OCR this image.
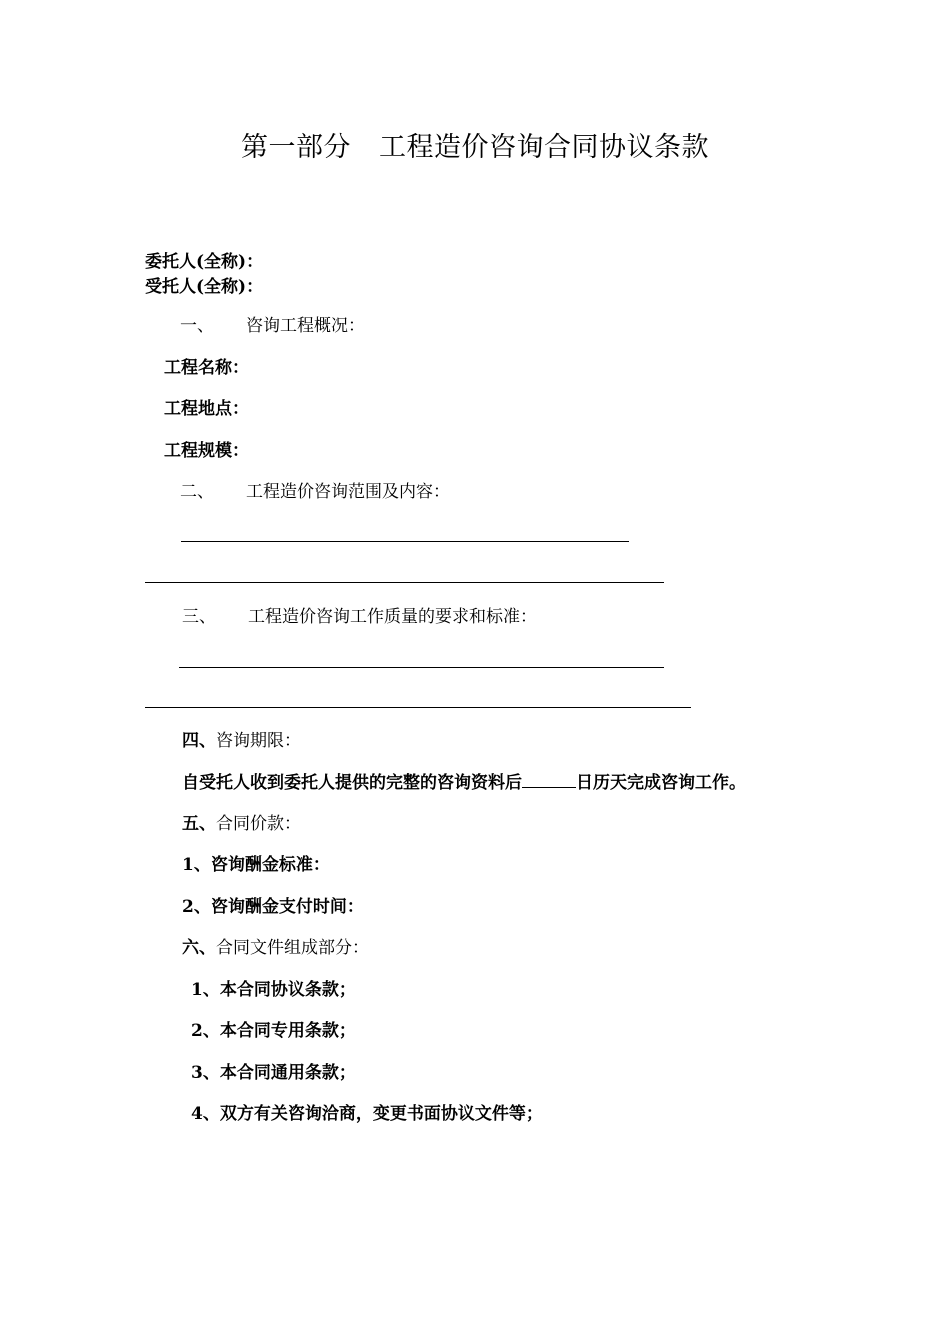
第一部分 工程造价咨询合同协议条款
委托人(全称)：
受托人(全称)：
一、 咨询工程概况：
工程名称：
工程地点：
工程规模：
二、 工程造价咨询范围及内容：
三、 工程造价咨询工作质量的要求和标准：
四、咨询期限：
自受托人收到委托人提供的完整的咨询资料后	日历天完成咨询工作。
五、合同价款：
1、咨询酬金标准：
2、咨询酬金支付时间：
六、合同文件组成部分：
1、本合同协议条款；
2、本合同专用条款；
3、本合同通用条款；
4、双方有关咨询洽商，变更书面协议文件等；
